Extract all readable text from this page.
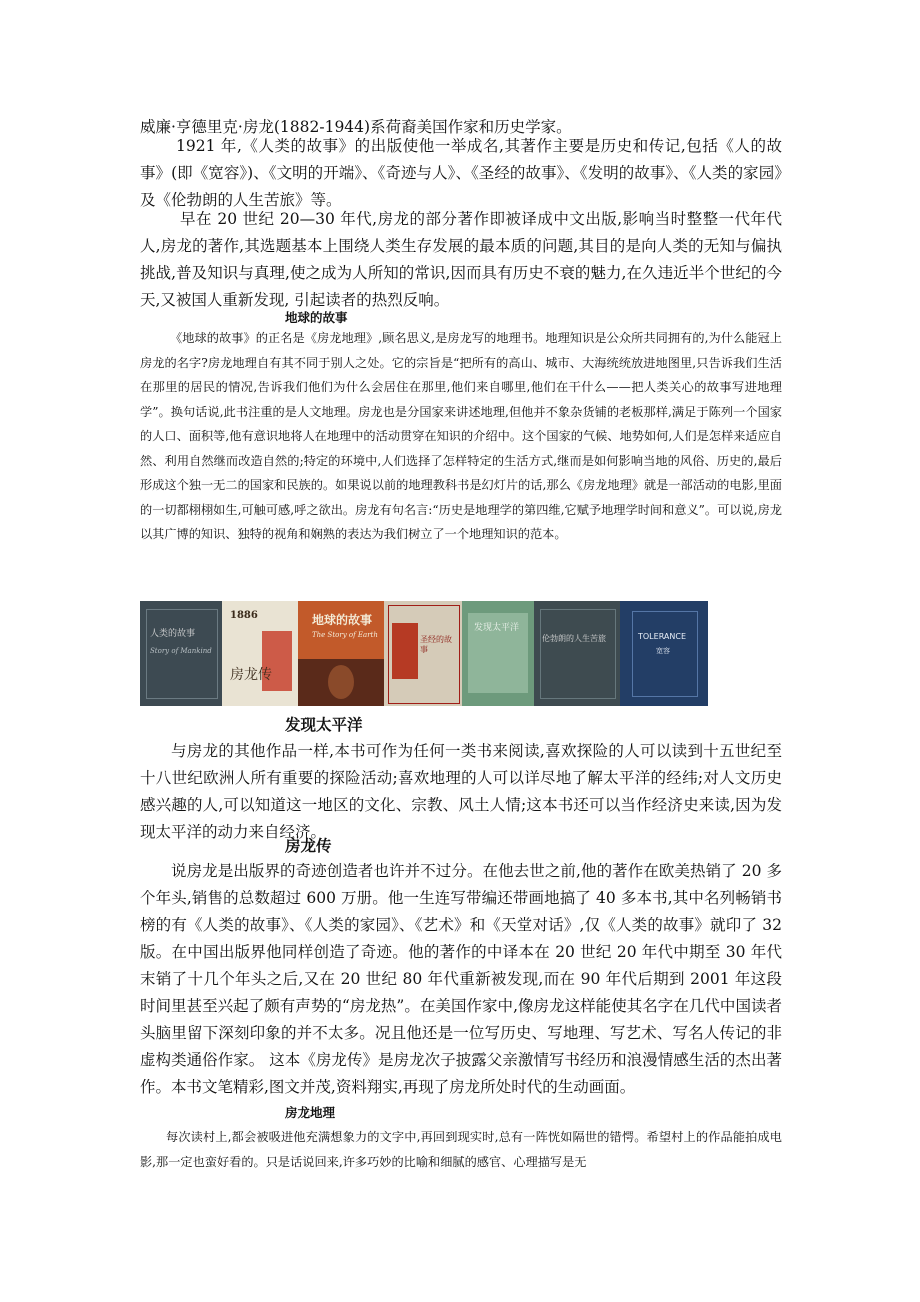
威廉·亨德里克·房龙(1882-1944)系荷裔美国作家和历史学家。

1921 年,《人类的故事》的出版使他一举成名,其著作主要是历史和传记,包括《人的故事》(即《宽容》)、《文明的开端》、《奇迹与人》、《圣经的故事》、《发明的故事》、《人类的家园》及《伦勃朗的人生苦旅》等。

早在 20 世纪 20—30 年代,房龙的部分著作即被译成中文出版,影响当时整整一代年代人,房龙的著作,其选题基本上围绕人类生存发展的最本质的问题,其目的是向人类的无知与偏执挑战,普及知识与真理,使之成为人所知的常识,因而具有历史不衰的魅力,在久违近半个世纪的今天,又被国人重新发现, 引起读者的热烈反响。

地球的故事

《地球的故事》的正名是《房龙地理》,顾名思义,是房龙写的地理书。地理知识是公众所共同拥有的,为什么能冠上房龙的名字?房龙地理自有其不同于别人之处。它的宗旨是“把所有的高山、城市、大海统统放进地图里,只告诉我们生活在那里的居民的情况,告诉我们他们为什么会居住在那里,他们来自哪里,他们在干什么——把人类关心的故事写进地理学”。换句话说,此书注重的是人文地理。房龙也是分国家来讲述地理,但他并不象杂货铺的老板那样,满足于陈列一个国家的人口、面积等,他有意识地将人在地理中的活动贯穿在知识的介绍中。这个国家的气候、地势如何,人们是怎样来适应自然、利用自然继而改造自然的;特定的环境中,人们选择了怎样特定的生活方式,继而是如何影响当地的风俗、历史的,最后形成这个独一无二的国家和民族的。如果说以前的地理教科书是幻灯片的话,那么《房龙地理》就是一部活动的电影,里面的一切都栩栩如生,可触可感,呼之欲出。房龙有句名言:“历史是地理学的第四维,它赋予地理学时间和意义”。可以说,房龙以其广博的知识、独特的视角和娴熟的表达为我们树立了一个地理知识的范本。

人类的故事
Story of Mankind
1886
房龙传
地球的故事
The Story of Earth	圣经的故事
发现太平洋
伦勃朗的人生苦旅	TOLERANCE
宽容

发现太平洋

与房龙的其他作品一样,本书可作为任何一类书来阅读,喜欢探险的人可以读到十五世纪至十八世纪欧洲人所有重要的探险活动;喜欢地理的人可以详尽地了解太平洋的经纬;对人文历史感兴趣的人,可以知道这一地区的文化、宗教、风土人情;这本书还可以当作经济史来读,因为发现太平洋的动力来自经济。

房龙传

说房龙是出版界的奇迹创造者也许并不过分。在他去世之前,他的著作在欧美热销了 20 多个年头,销售的总数超过 600 万册。他一生连写带编还带画地搞了 40 多本书,其中名列畅销书榜的有《人类的故事》、《人类的家园》、《艺术》和《天堂对话》,仅《人类的故事》就印了 32 版。在中国出版界他同样创造了奇迹。他的著作的中译本在 20 世纪 20 年代中期至 30 年代末销了十几个年头之后,又在 20 世纪 80 年代重新被发现,而在 90 年代后期到 2001 年这段时间里甚至兴起了颇有声势的“房龙热”。在美国作家中,像房龙这样能使其名字在几代中国读者头脑里留下深刻印象的并不太多。况且他还是一位写历史、写地理、写艺术、写名人传记的非虚构类通俗作家。 这本《房龙传》是房龙次子披露父亲激情写书经历和浪漫情感生活的杰出著作。本书文笔精彩,图文并茂,资料翔实,再现了房龙所处时代的生动画面。

房龙地理

每次读村上,都会被吸进他充满想象力的文字中,再回到现实时,总有一阵恍如隔世的错愕。希望村上的作品能拍成电影,那一定也蛮好看的。只是话说回来,许多巧妙的比喻和细腻的感官、心理描写是无
